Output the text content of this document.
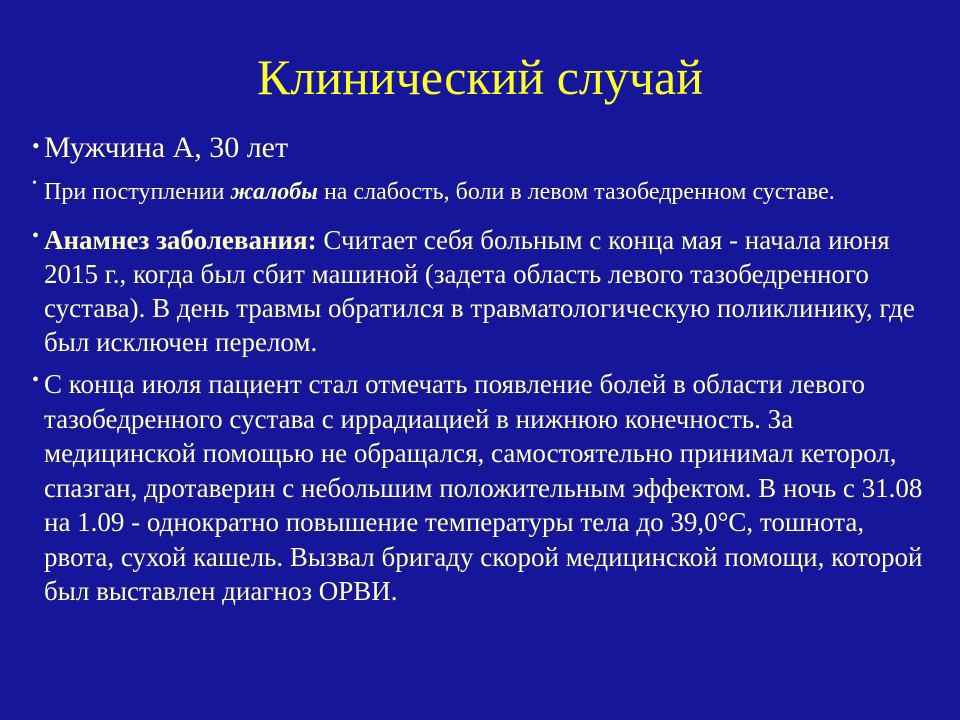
Клинический случай
• Мужчина А, 30 лет
• При поступлении жалобы на слабость, боли в левом тазобедренном суставе.
• Анамнез заболевания: Считает себя больным с конца мая - начала июня 2015 г., когда был сбит машиной (задета область левого тазобедренного сустава). В день травмы обратился в травматологическую поликлинику, где был исключен перелом.
• С конца июля пациент стал отмечать появление болей в области левого тазобедренного сустава с иррадиацией в нижнюю конечность. За медицинской помощью не обращался, самостоятельно принимал кеторол, спазган, дротаверин с небольшим положительным эффектом. В ночь с 31.08 на 1.09 - однократно повышение температуры тела до 39,0°С, тошнота, рвота, сухой кашель. Вызвал бригаду скорой медицинской помощи, которой был выставлен диагноз ОРВИ.
